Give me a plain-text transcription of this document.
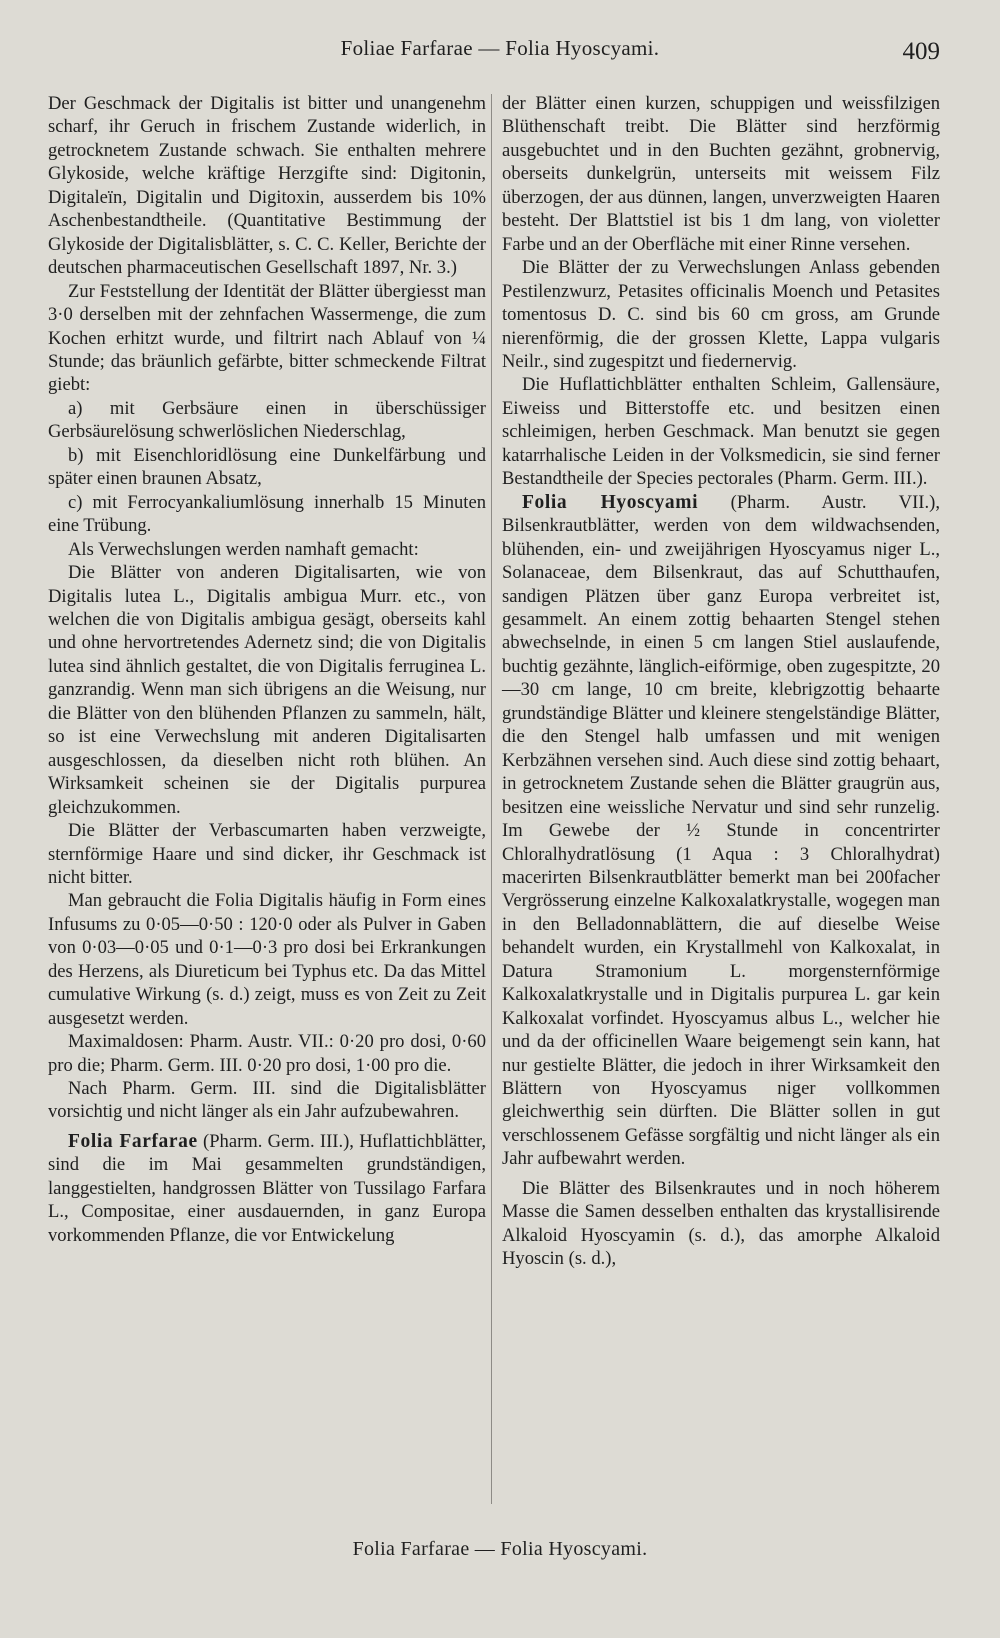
Foliae Farfarae — Folia Hyoscyami.	409

Der Geschmack der Digitalis ist bitter und unangenehm scharf, ihr Geruch in frischem Zustande widerlich, in getrocknetem Zustande schwach. Sie enthalten mehrere Glykoside, welche kräftige Herzgifte sind: Digitonin, Digitaleïn, Digitalin und Digitoxin, ausserdem bis 10% Aschenbestandtheile. (Quantitative Bestimmung der Glykoside der Digitalisblätter, s. C. C. Keller, Berichte der deutschen pharmaceutischen Gesellschaft 1897, Nr. 3.)

Zur Feststellung der Identität der Blätter übergiesst man 3·0 derselben mit der zehnfachen Wassermenge, die zum Kochen erhitzt wurde, und filtrirt nach Ablauf von ¼ Stunde; das bräunlich gefärbte, bitter schmeckende Filtrat giebt:

a) mit Gerbsäure einen in überschüssiger Gerbsäurelösung schwerlöslichen Niederschlag,

b) mit Eisenchloridlösung eine Dunkelfärbung und später einen braunen Absatz,

c) mit Ferrocyankaliumlösung innerhalb 15 Minuten eine Trübung.

Als Verwechslungen werden namhaft gemacht:

Die Blätter von anderen Digitalisarten, wie von Digitalis lutea L., Digitalis ambigua Murr. etc., von welchen die von Digitalis ambigua gesägt, oberseits kahl und ohne hervortretendes Adernetz sind; die von Digitalis lutea sind ähnlich gestaltet, die von Digitalis ferruginea L. ganzrandig. Wenn man sich übrigens an die Weisung, nur die Blätter von den blühenden Pflanzen zu sammeln, hält, so ist eine Verwechslung mit anderen Digitalisarten ausgeschlossen, da dieselben nicht roth blühen. An Wirksamkeit scheinen sie der Digitalis purpurea gleichzukommen.

Die Blätter der Verbascumarten haben verzweigte, sternförmige Haare und sind dicker, ihr Geschmack ist nicht bitter.

Man gebraucht die Folia Digitalis häufig in Form eines Infusums zu 0·05—0·50 : 120·0 oder als Pulver in Gaben von 0·03—0·05 und 0·1—0·3 pro dosi bei Erkrankungen des Herzens, als Diureticum bei Typhus etc. Da das Mittel cumulative Wirkung (s. d.) zeigt, muss es von Zeit zu Zeit ausgesetzt werden.

Maximaldosen: Pharm. Austr. VII.: 0·20 pro dosi, 0·60 pro die; Pharm. Germ. III. 0·20 pro dosi, 1·00 pro die.

Nach Pharm. Germ. III. sind die Digitalisblätter vorsichtig und nicht länger als ein Jahr aufzubewahren.

Folia Farfarae (Pharm. Germ. III.), Huflattichblätter, sind die im Mai gesammelten grundständigen, langgestielten, handgrossen Blätter von Tussilago Farfara L., Compositae, einer ausdauernden, in ganz Europa vorkommenden Pflanze, die vor Entwickelung

der Blätter einen kurzen, schuppigen und weissfilzigen Blüthenschaft treibt. Die Blätter sind herzförmig ausgebuchtet und in den Buchten gezähnt, grobnervig, oberseits dunkelgrün, unterseits mit weissem Filz überzogen, der aus dünnen, langen, unverzweigten Haaren besteht. Der Blattstiel ist bis 1 dm lang, von violetter Farbe und an der Oberfläche mit einer Rinne versehen.

Die Blätter der zu Verwechslungen Anlass gebenden Pestilenzwurz, Petasites officinalis Moench und Petasites tomentosus D. C. sind bis 60 cm gross, am Grunde nierenförmig, die der grossen Klette, Lappa vulgaris Neilr., sind zugespitzt und fiedernervig.

Die Huflattichblätter enthalten Schleim, Gallensäure, Eiweiss und Bitterstoffe etc. und besitzen einen schleimigen, herben Geschmack. Man benutzt sie gegen katarrhalische Leiden in der Volksmedicin, sie sind ferner Bestandtheile der Species pectorales (Pharm. Germ. III.).

Folia Hyoscyami (Pharm. Austr. VII.), Bilsenkrautblätter, werden von dem wildwachsenden, blühenden, ein- und zweijährigen Hyoscyamus niger L., Solanaceae, dem Bilsenkraut, das auf Schutthaufen, sandigen Plätzen über ganz Europa verbreitet ist, gesammelt. An einem zottig behaarten Stengel stehen abwechselnde, in einen 5 cm langen Stiel auslaufende, buchtig gezähnte, länglich-eiförmige, oben zugespitzte, 20—30 cm lange, 10 cm breite, klebrigzottig behaarte grundständige Blätter und kleinere stengelständige Blätter, die den Stengel halb umfassen und mit wenigen Kerbzähnen versehen sind. Auch diese sind zottig behaart, in getrocknetem Zustande sehen die Blätter graugrün aus, besitzen eine weissliche Nervatur und sind sehr runzelig. Im Gewebe der ½ Stunde in concentrirter Chloralhydratlösung (1 Aqua : 3 Chloralhydrat) macerirten Bilsenkrautblätter bemerkt man bei 200facher Vergrösserung einzelne Kalkoxalatkrystalle, wogegen man in den Belladonnablättern, die auf dieselbe Weise behandelt wurden, ein Krystallmehl von Kalkoxalat, in Datura Stramonium L. morgensternförmige Kalkoxalatkrystalle und in Digitalis purpurea L. gar kein Kalkoxalat vorfindet. Hyoscyamus albus L., welcher hie und da der officinellen Waare beigemengt sein kann, hat nur gestielte Blätter, die jedoch in ihrer Wirksamkeit den Blättern von Hyoscyamus niger vollkommen gleichwerthig sein dürften. Die Blätter sollen in gut verschlossenem Gefässe sorgfältig und nicht länger als ein Jahr aufbewahrt werden.

Die Blätter des Bilsenkrautes und in noch höherem Masse die Samen desselben enthalten das krystallisirende Alkaloid Hyoscyamin (s. d.), das amorphe Alkaloid Hyoscin (s. d.),

Folia Farfarae — Folia Hyoscyami.
